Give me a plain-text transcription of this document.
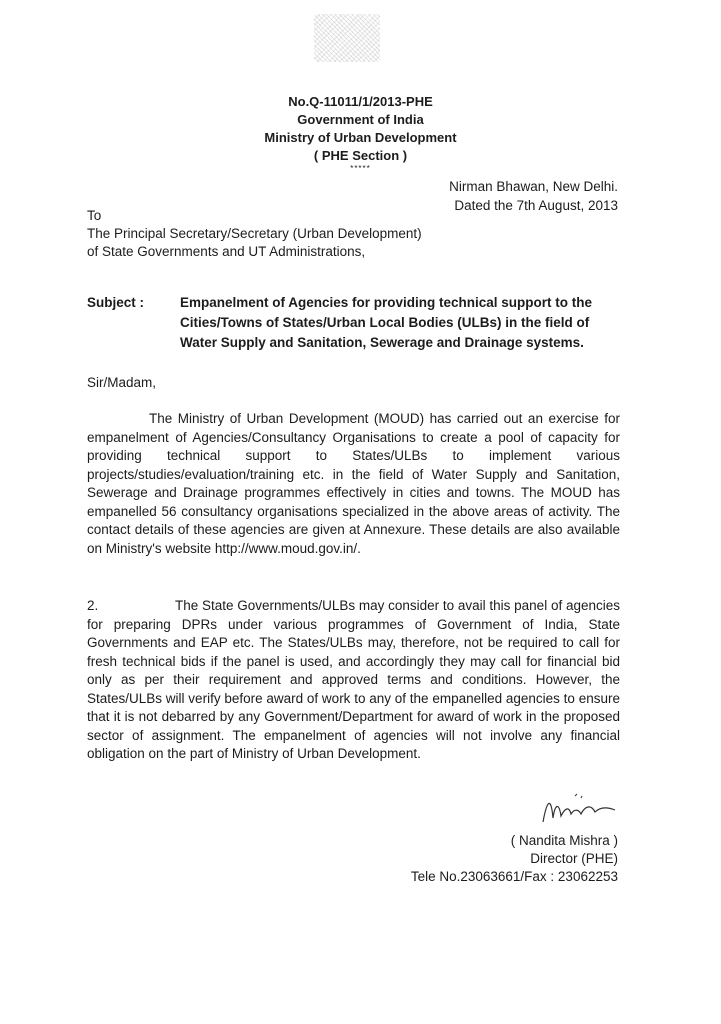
No.Q-11011/1/2013-PHE
Government of India
Ministry of Urban Development
( PHE Section )
*****
Nirman Bhawan, New Delhi.
Dated the 7th August, 2013
To
The Principal Secretary/Secretary (Urban Development)
of State Governments and UT Administrations,
Subject :	Empanelment of Agencies for providing technical support to the Cities/Towns of States/Urban Local Bodies (ULBs) in the field of Water Supply and Sanitation, Sewerage and Drainage systems.
Sir/Madam,

The Ministry of Urban Development (MOUD) has carried out an exercise for empanelment of Agencies/Consultancy Organisations to create a pool of capacity for providing technical support to States/ULBs to implement various projects/studies/evaluation/training etc. in the field of Water Supply and Sanitation, Sewerage and Drainage programmes effectively in cities and towns. The MOUD has empanelled 56 consultancy organisations specialized in the above areas of activity. The contact details of these agencies are given at Annexure. These details are also available on Ministry's website http://www.moud.gov.in/.

2.	The State Governments/ULBs may consider to avail this panel of agencies for preparing DPRs under various programmes of Government of India, State Governments and EAP etc. The States/ULBs may, therefore, not be required to call for fresh technical bids if the panel is used, and accordingly they may call for financial bid only as per their requirement and approved terms and conditions. However, the States/ULBs will verify before award of work to any of the empanelled agencies to ensure that it is not debarred by any Government/Department for award of work in the proposed sector of assignment. The empanelment of agencies will not involve any financial obligation on the part of Ministry of Urban Development.

( Nandita Mishra )
Director (PHE)
Tele No.23063661/Fax : 23062253
